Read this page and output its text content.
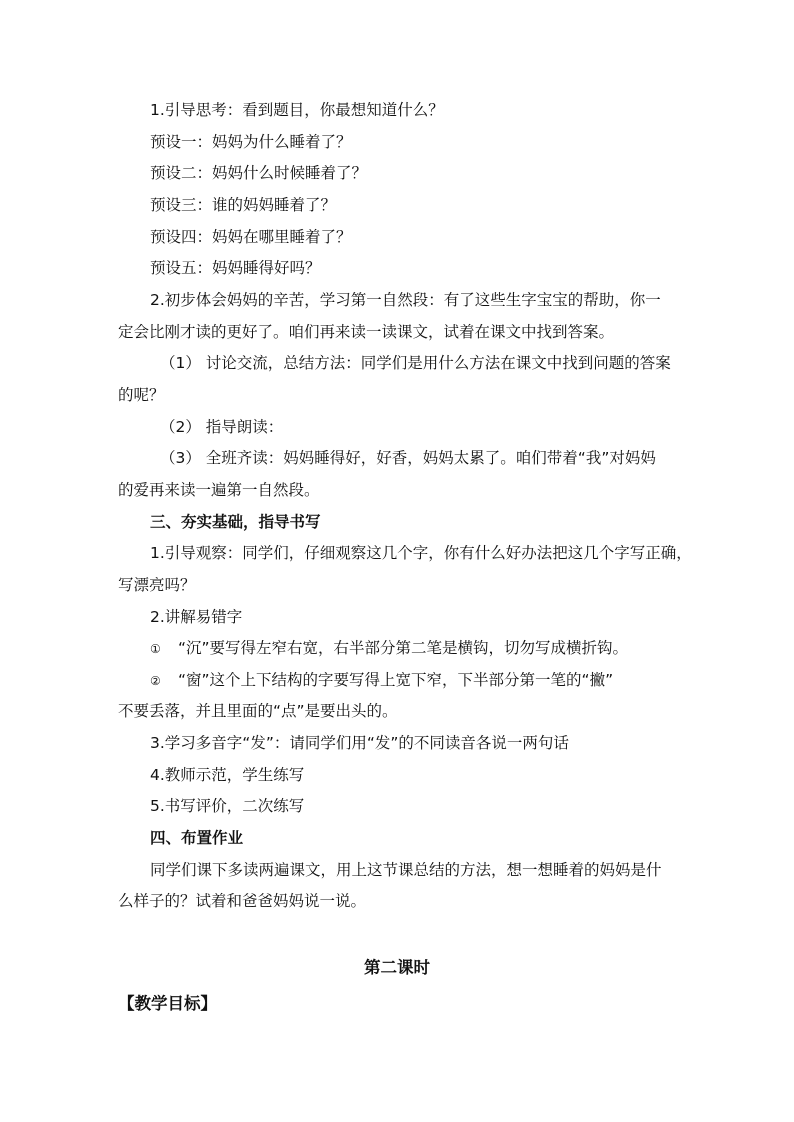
1.引导思考：看到题目，你最想知道什么？
预设一：妈妈为什么睡着了？
预设二：妈妈什么时候睡着了？
预设三：谁的妈妈睡着了？
预设四：妈妈在哪里睡着了？
预设五：妈妈睡得好吗？
2.初步体会妈妈的辛苦，学习第一自然段：有了这些生字宝宝的帮助，你一
定会比刚才读的更好了。咱们再来读一读课文，试着在课文中找到答案。
（1） 讨论交流，总结方法：同学们是用什么方法在课文中找到问题的答案
的呢？
（2） 指导朗读：
（3） 全班齐读：妈妈睡得好，好香，妈妈太累了。咱们带着“我”对妈妈
的爱再来读一遍第一自然段。
三、夯实基础，指导书写
1.引导观察：同学们，仔细观察这几个字，你有什么好办法把这几个字写正确，
写漂亮吗？
2.讲解易错字
① “沉”要写得左窄右宽，右半部分第二笔是横钩，切勿写成横折钩。
② “窗”这个上下结构的字要写得上宽下窄，下半部分第一笔的“撇”
不要丢落，并且里面的“点”是要出头的。
3.学习多音字“发”：请同学们用“发”的不同读音各说一两句话
4.教师示范，学生练写
5.书写评价，二次练写
四、布置作业
同学们课下多读两遍课文，用上这节课总结的方法，想一想睡着的妈妈是什
么样子的？试着和爸爸妈妈说一说。
第二课时
【教学目标】
